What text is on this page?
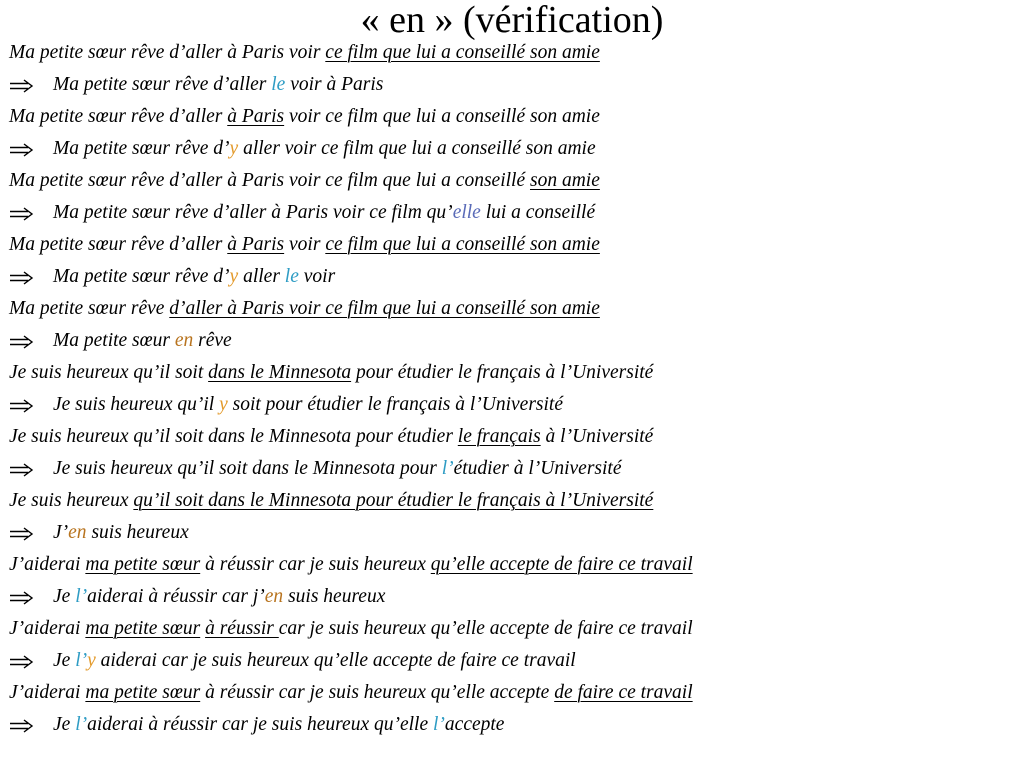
« en » (vérification)
Ma petite sœur rêve d’aller à Paris voir ce film que lui a conseillé son amie
Ma petite sœur rêve d’aller le voir à Paris
Ma petite sœur rêve d’aller à Paris voir ce film que lui a conseillé son amie
Ma petite sœur rêve d’y aller voir ce film que lui a conseillé son amie
Ma petite sœur rêve d’aller à Paris voir ce film que lui a conseillé son amie
Ma petite sœur rêve d’aller à Paris voir ce film qu’elle lui a conseillé
Ma petite sœur rêve d’aller à Paris voir ce film que lui a conseillé son amie
Ma petite sœur rêve d’y aller le voir
Ma petite sœur rêve d’aller à Paris voir ce film que lui a conseillé son amie
Ma petite sœur en rêve
Je suis heureux qu’il soit dans le Minnesota pour étudier le français à l’Université
Je suis heureux qu’il y soit pour étudier le français à l’Université
Je suis heureux qu’il soit dans le Minnesota pour étudier le français à l’Université
Je suis heureux qu’il soit dans le Minnesota pour l’étudier à l’Université
Je suis heureux qu’il soit dans le Minnesota pour étudier le français à l’Université
J’en suis heureux
J’aiderai ma petite sœur à réussir car je suis heureux qu’elle accepte de faire ce travail
Je l’aiderai à réussir car j’en suis heureux
J’aiderai ma petite sœur à réussir car je suis heureux qu’elle accepte de faire ce travail
Je l’y aiderai car je suis heureux qu’elle accepte de faire ce travail
J’aiderai ma petite sœur à réussir car je suis heureux qu’elle accepte de faire ce travail
Je l’aiderai à réussir car je suis heureux qu’elle l’accepte
